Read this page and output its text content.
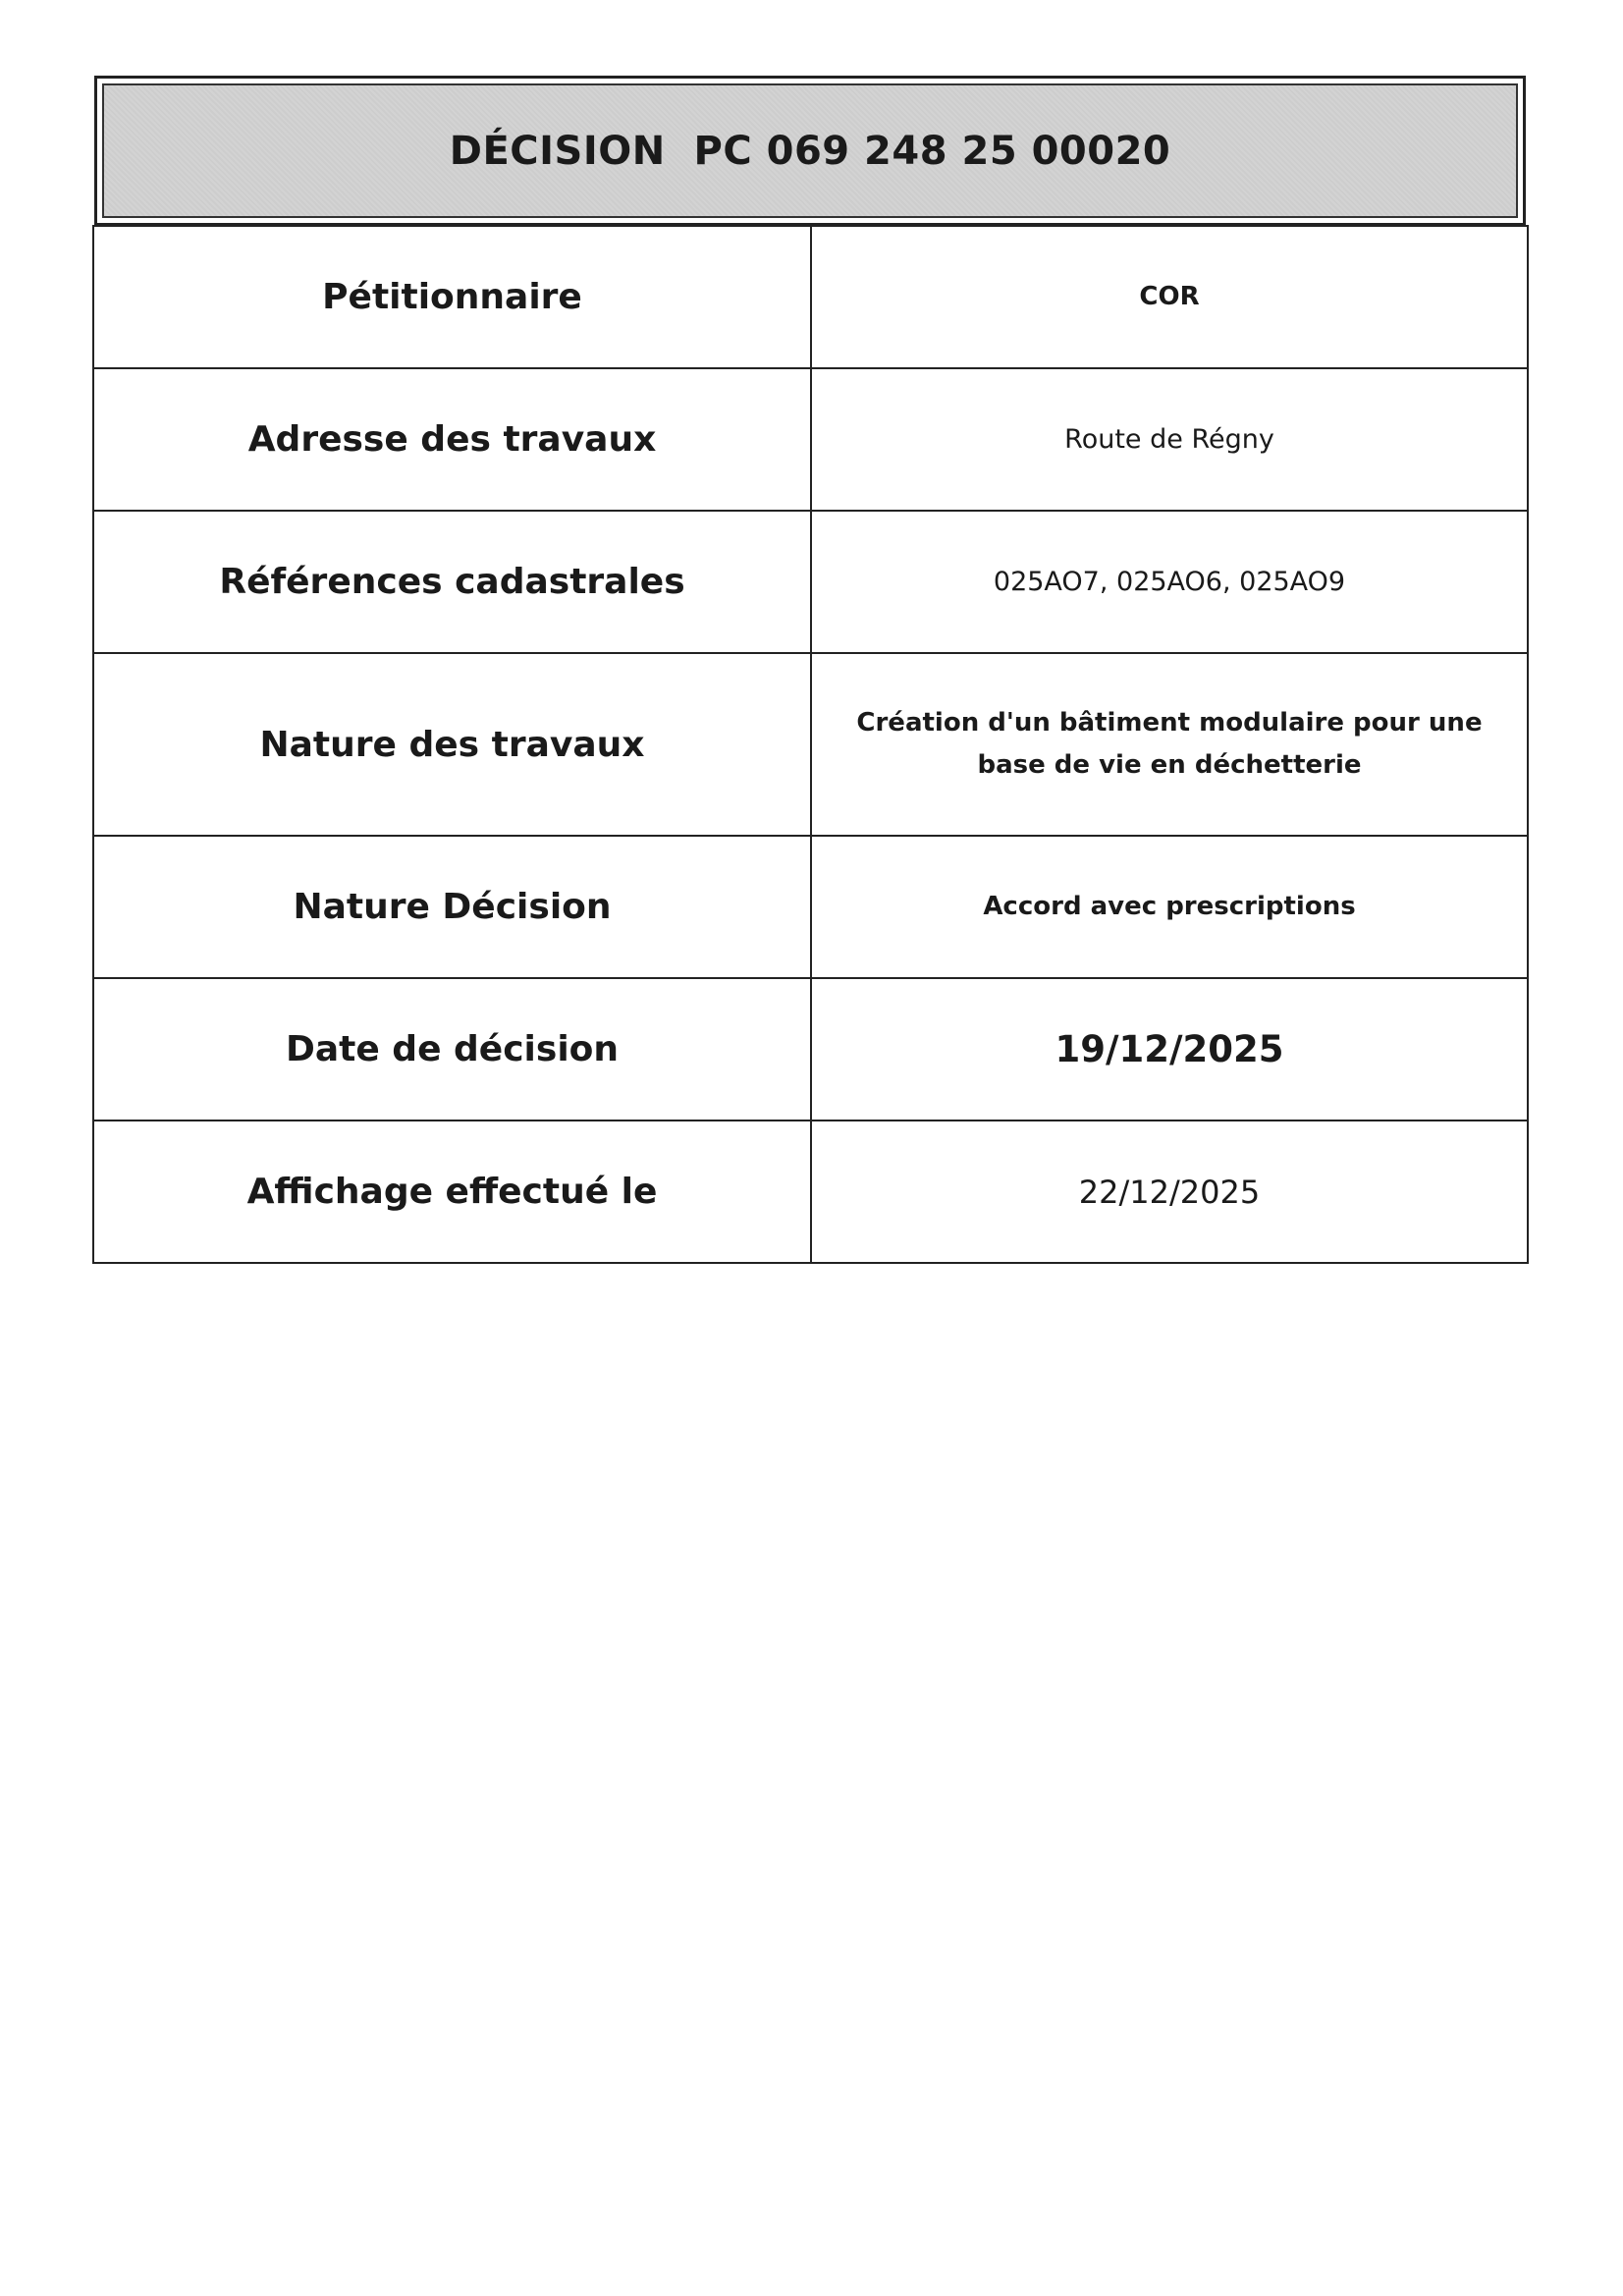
DÉCISION  PC 069 248 25 00020
Pétitionnaire	COR
Adresse des travaux	Route de Régny
Références cadastrales	025AO7, 025AO6, 025AO9
Nature des travaux	Création d'un bâtiment modulaire pour une base de vie en déchetterie
Nature Décision	Accord avec prescriptions
Date de décision	19/12/2025
Affichage effectué le	22/12/2025
